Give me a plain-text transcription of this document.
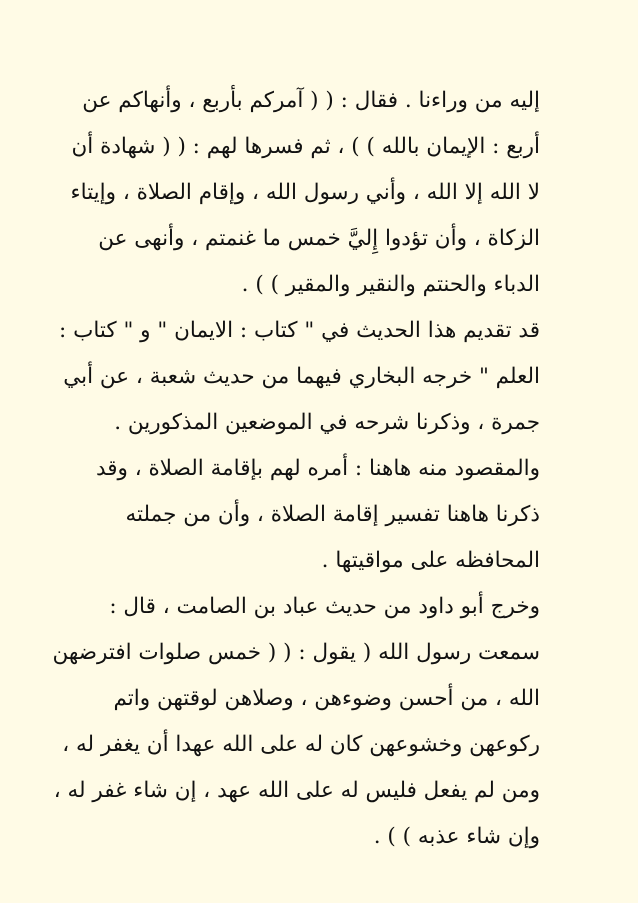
إليه من وراءنا . فقال : ( ( آمركم بأربع ، وأنهاكم عن
أربع : الإيمان بالله ) ) ، ثم فسرها لهم : ( ( شهادة أن
لا الله إلا الله ، وأني رسول الله ، وإقام الصلاة ، وإيتاء
الزكاة ، وأن تؤدوا إِليَّ خمس ما غنمتم ، وأنهى عن
الدباء والحنتم والنقير والمقير ) ) .
قد تقديم هذا الحديث في " كتاب : الايمان " و " كتاب :
العلم " خرجه البخاري فيهما من حديث شعبة ، عن أبي
جمرة ، وذكرنا شرحه في الموضعين المذكورين .
والمقصود منه هاهنا : أمره لهم بإقامة الصلاة ، وقد
ذكرنا هاهنا تفسير إقامة الصلاة ، وأن من جملته
المحافظه على مواقيتها .
وخرج أبو داود من حديث عباد بن الصامت ، قال :
سمعت رسول الله ( يقول : ( ( خمس صلوات افترضهن
الله ، من أحسن وضوءهن ، وصلاهن لوقتهن واتم
ركوعهن وخشوعهن كان له على الله عهدا أن يغفر له ،
ومن لم يفعل فليس له على الله عهد ، إن شاء غفر له ،
وإن شاء عذبه ) ) .
